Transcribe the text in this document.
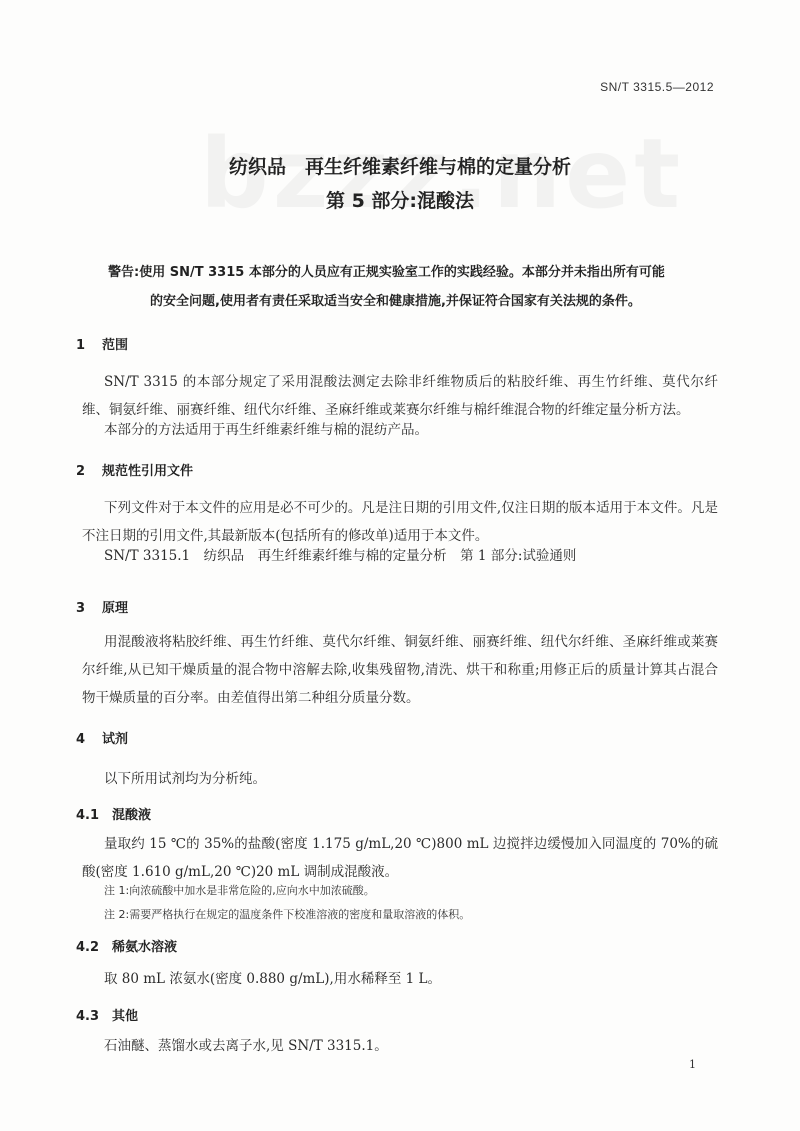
SN/T 3315.5—2012
纺织品　再生纤维素纤维与棉的定量分析
第 5 部分:混酸法
警告:使用 SN/T 3315 本部分的人员应有正规实验室工作的实践经验。本部分并未指出所有可能
的安全问题,使用者有责任采取适当安全和健康措施,并保证符合国家有关法规的条件。
1 范围
SN/T 3315 的本部分规定了采用混酸法测定去除非纤维物质后的粘胶纤维、再生竹纤维、莫代尔纤维、铜氨纤维、丽赛纤维、纽代尔纤维、圣麻纤维或莱赛尔纤维与棉纤维混合物的纤维定量分析方法。
本部分的方法适用于再生纤维素纤维与棉的混纺产品。
2 规范性引用文件
下列文件对于本文件的应用是必不可少的。凡是注日期的引用文件,仅注日期的版本适用于本文件。凡是不注日期的引用文件,其最新版本(包括所有的修改单)适用于本文件。
SN/T 3315.1　纺织品　再生纤维素纤维与棉的定量分析　第 1 部分:试验通则
3 原理
用混酸液将粘胶纤维、再生竹纤维、莫代尔纤维、铜氨纤维、丽赛纤维、纽代尔纤维、圣麻纤维或莱赛尔纤维,从已知干燥质量的混合物中溶解去除,收集残留物,清洗、烘干和称重;用修正后的质量计算其占混合物干燥质量的百分率。由差值得出第二种组分质量分数。
4 试剂
以下所用试剂均为分析纯。
4.1 混酸液
量取约 15 ℃的 35%的盐酸(密度 1.175 g/mL,20 ℃)800 mL 边搅拌边缓慢加入同温度的 70%的硫酸(密度 1.610 g/mL,20 ℃)20 mL 调制成混酸液。
注 1:向浓硫酸中加水是非常危险的,应向水中加浓硫酸。
注 2:需要严格执行在规定的温度条件下校准溶液的密度和量取溶液的体积。
4.2 稀氨水溶液
取 80 mL 浓氨水(密度 0.880 g/mL),用水稀释至 1 L。
4.3 其他
石油醚、蒸馏水或去离子水,见 SN/T 3315.1。
1
